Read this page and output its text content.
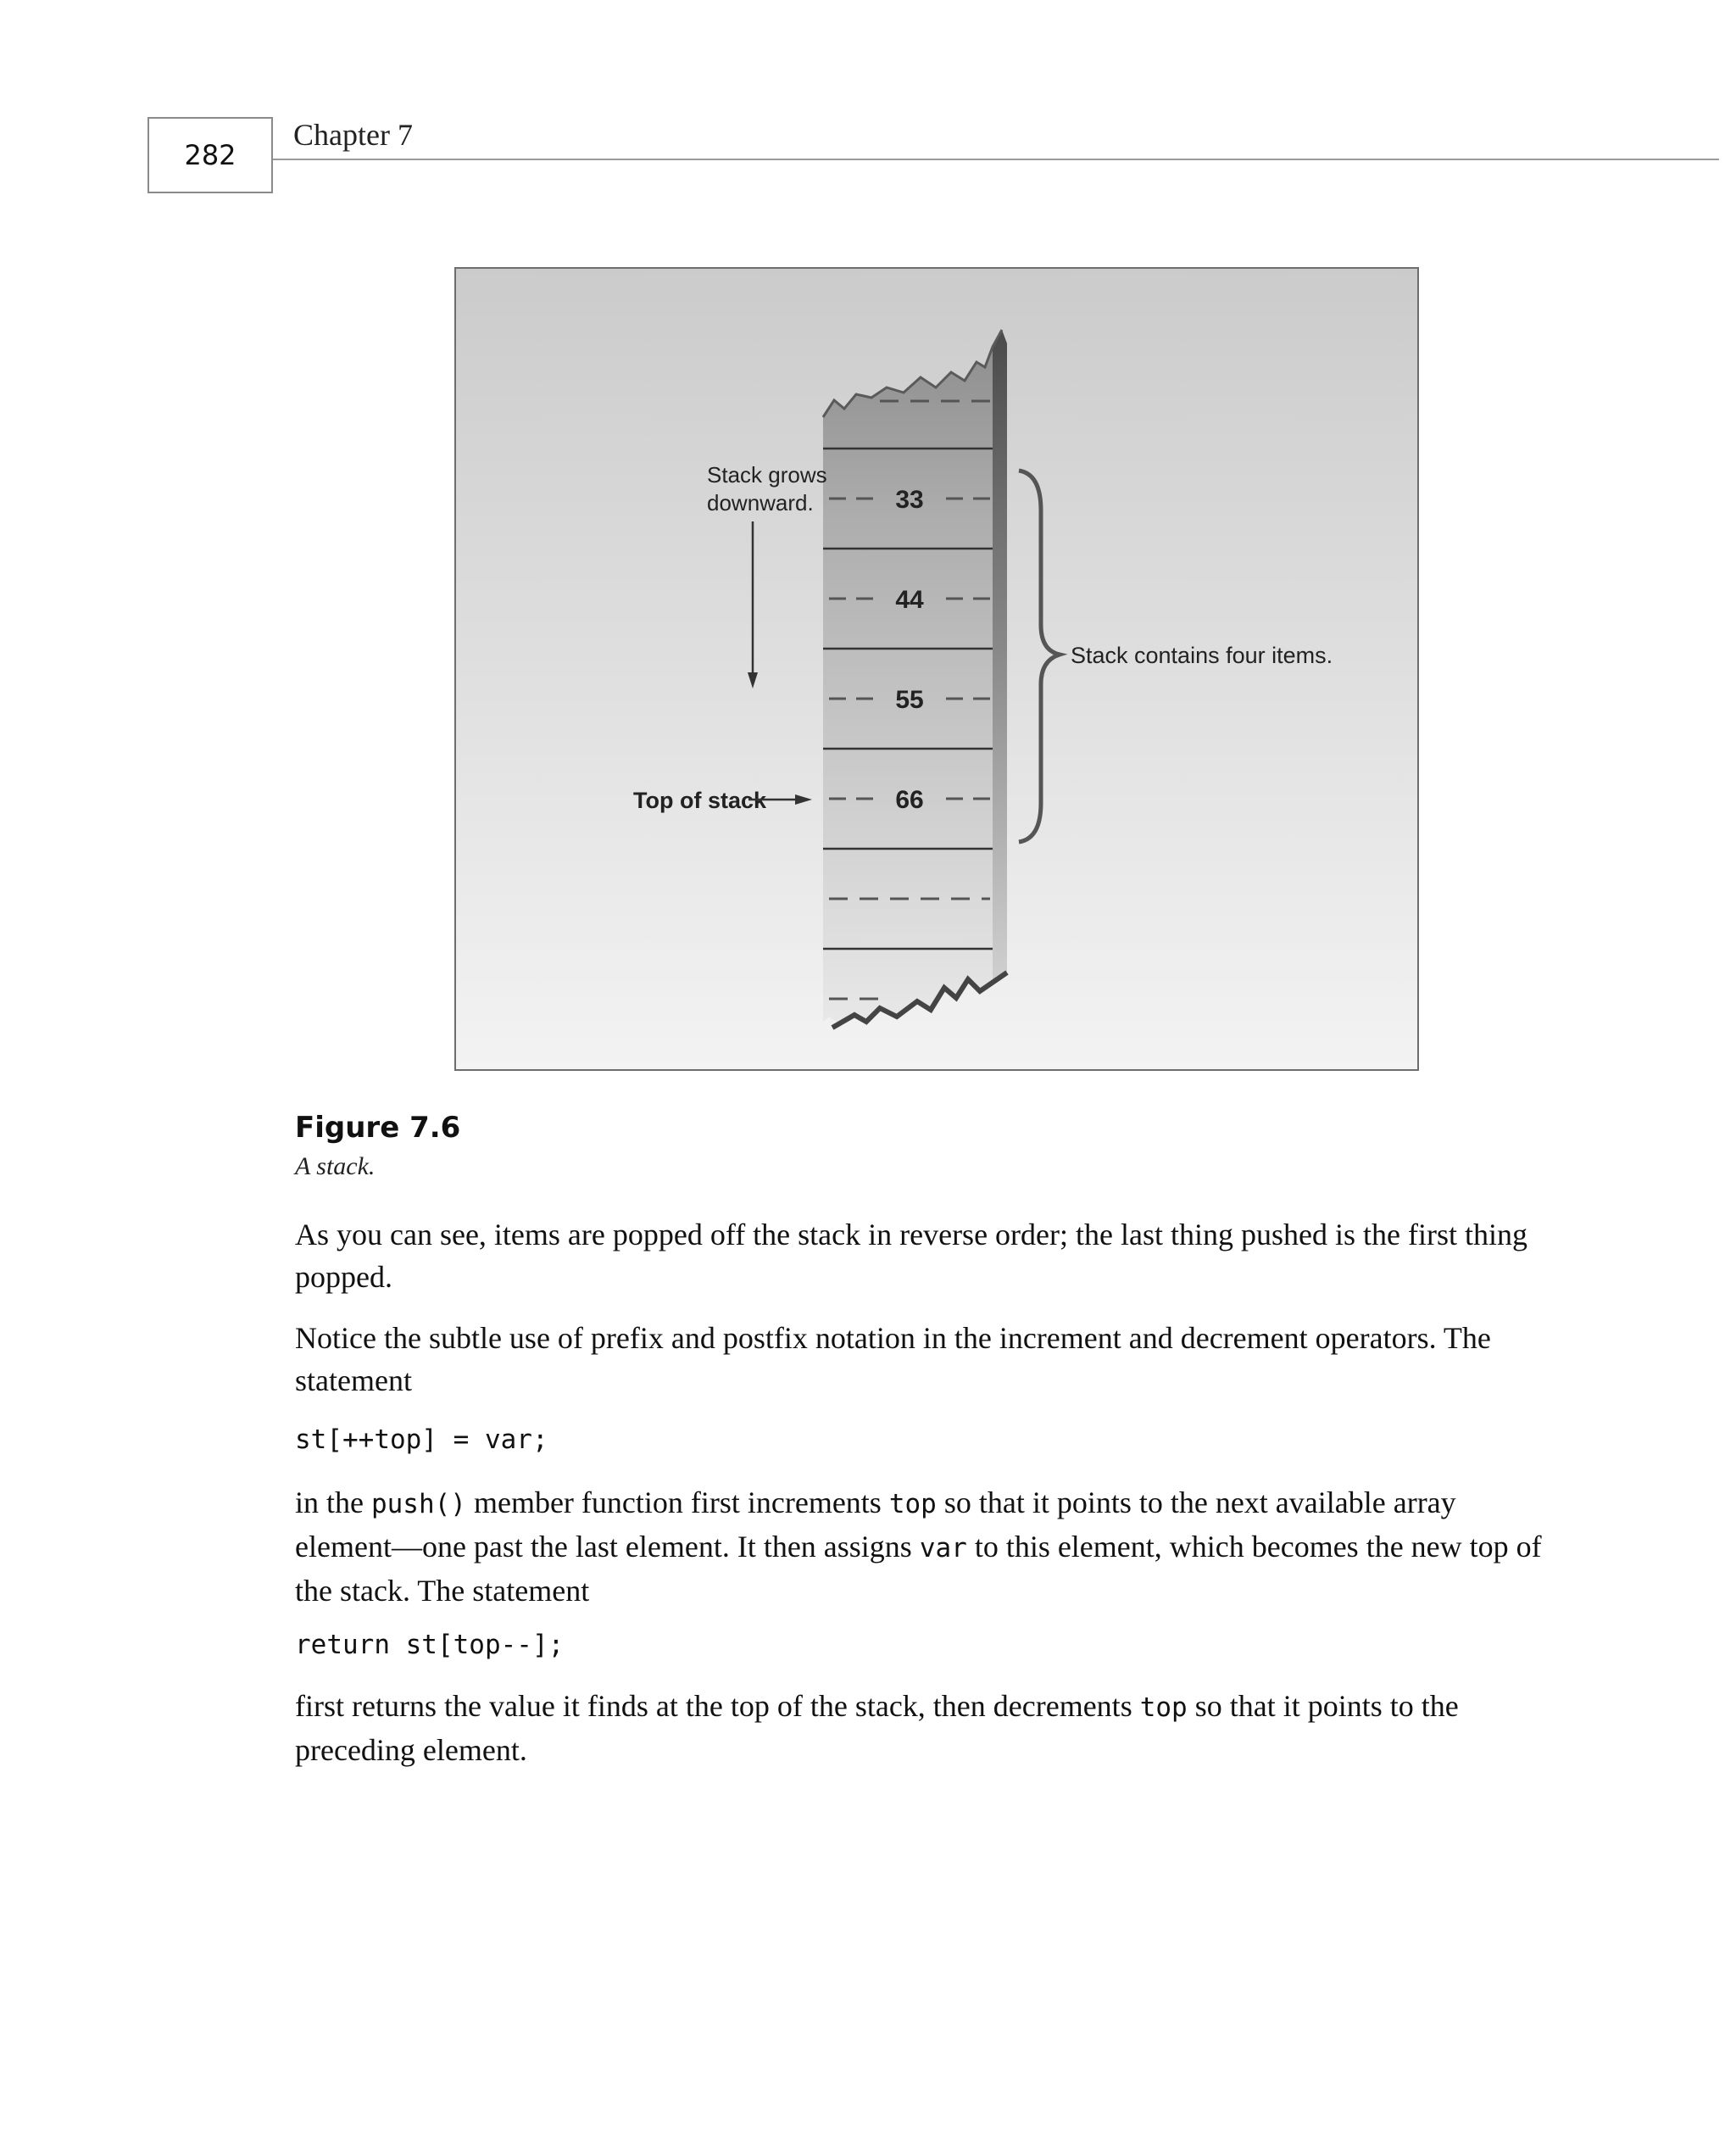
282
Chapter 7
33
44
55
66
Stack grows
downward.
Top of stack
Stack contains four items.
Figure 7.6
A stack.

As you can see, items are popped off the stack in reverse order; the last thing pushed is the first thing popped.

Notice the subtle use of prefix and postfix notation in the increment and decrement operators. The statement

st[++top] = var;

in the push() member function first increments top so that it points to the next available array element—one past the last element. It then assigns var to this element, which becomes the new top of the stack. The statement

return st[top--];

first returns the value it finds at the top of the stack, then decrements top so that it points to the preceding element.
